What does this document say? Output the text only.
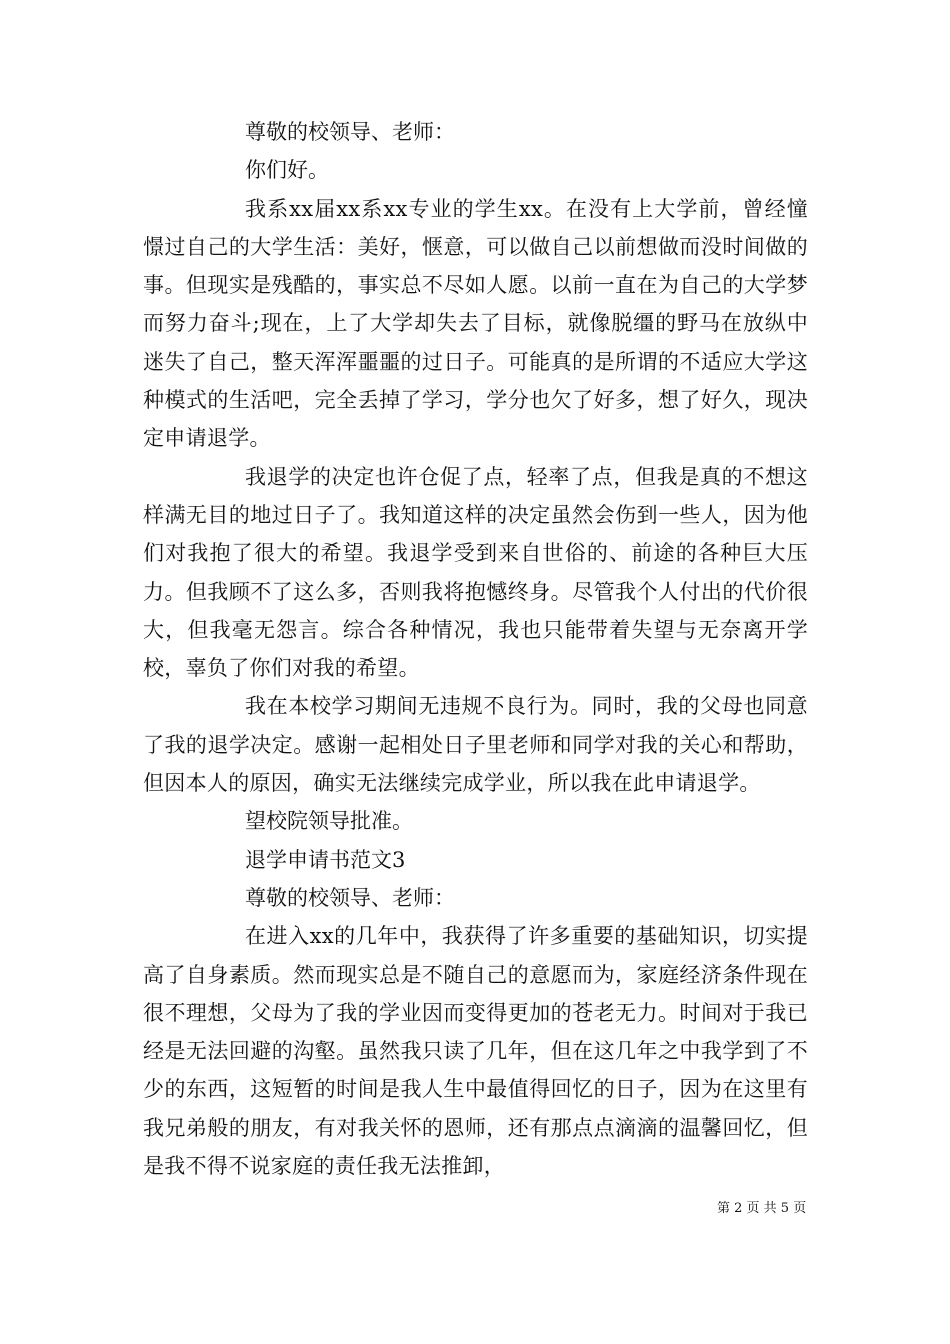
尊敬的校领导、老师：

你们好。

我系xx届xx系xx专业的学生xx。在没有上大学前，曾经憧憬过自己的大学生活：美好，惬意，可以做自己以前想做而没时间做的事。但现实是残酷的，事实总不尽如人愿。以前一直在为自己的大学梦而努力奋斗;现在，上了大学却失去了目标，就像脱缰的野马在放纵中迷失了自己，整天浑浑噩噩的过日子。可能真的是所谓的不适应大学这种模式的生活吧，完全丢掉了学习，学分也欠了好多，想了好久，现决定申请退学。

我退学的决定也许仓促了点，轻率了点，但我是真的不想这样满无目的地过日子了。我知道这样的决定虽然会伤到一些人，因为他们对我抱了很大的希望。我退学受到来自世俗的、前途的各种巨大压力。但我顾不了这么多，否则我将抱憾终身。尽管我个人付出的代价很大，但我毫无怨言。综合各种情况，我也只能带着失望与无奈离开学校，辜负了你们对我的希望。

我在本校学习期间无违规不良行为。同时，我的父母也同意了我的退学决定。感谢一起相处日子里老师和同学对我的关心和帮助，但因本人的原因，确实无法继续完成学业，所以我在此申请退学。

望校院领导批准。

退学申请书范文3

尊敬的校领导、老师：

在进入xx的几年中，我获得了许多重要的基础知识，切实提高了自身素质。然而现实总是不随自己的意愿而为，家庭经济条件现在很不理想，父母为了我的学业因而变得更加的苍老无力。时间对于我已经是无法回避的沟壑。虽然我只读了几年，但在这几年之中我学到了不少的东西，这短暂的时间是我人生中最值得回忆的日子，因为在这里有我兄弟般的朋友，有对我关怀的恩师，还有那点点滴滴的温馨回忆，但是我不得不说家庭的责任我无法推卸，

第 2 页 共 5 页
